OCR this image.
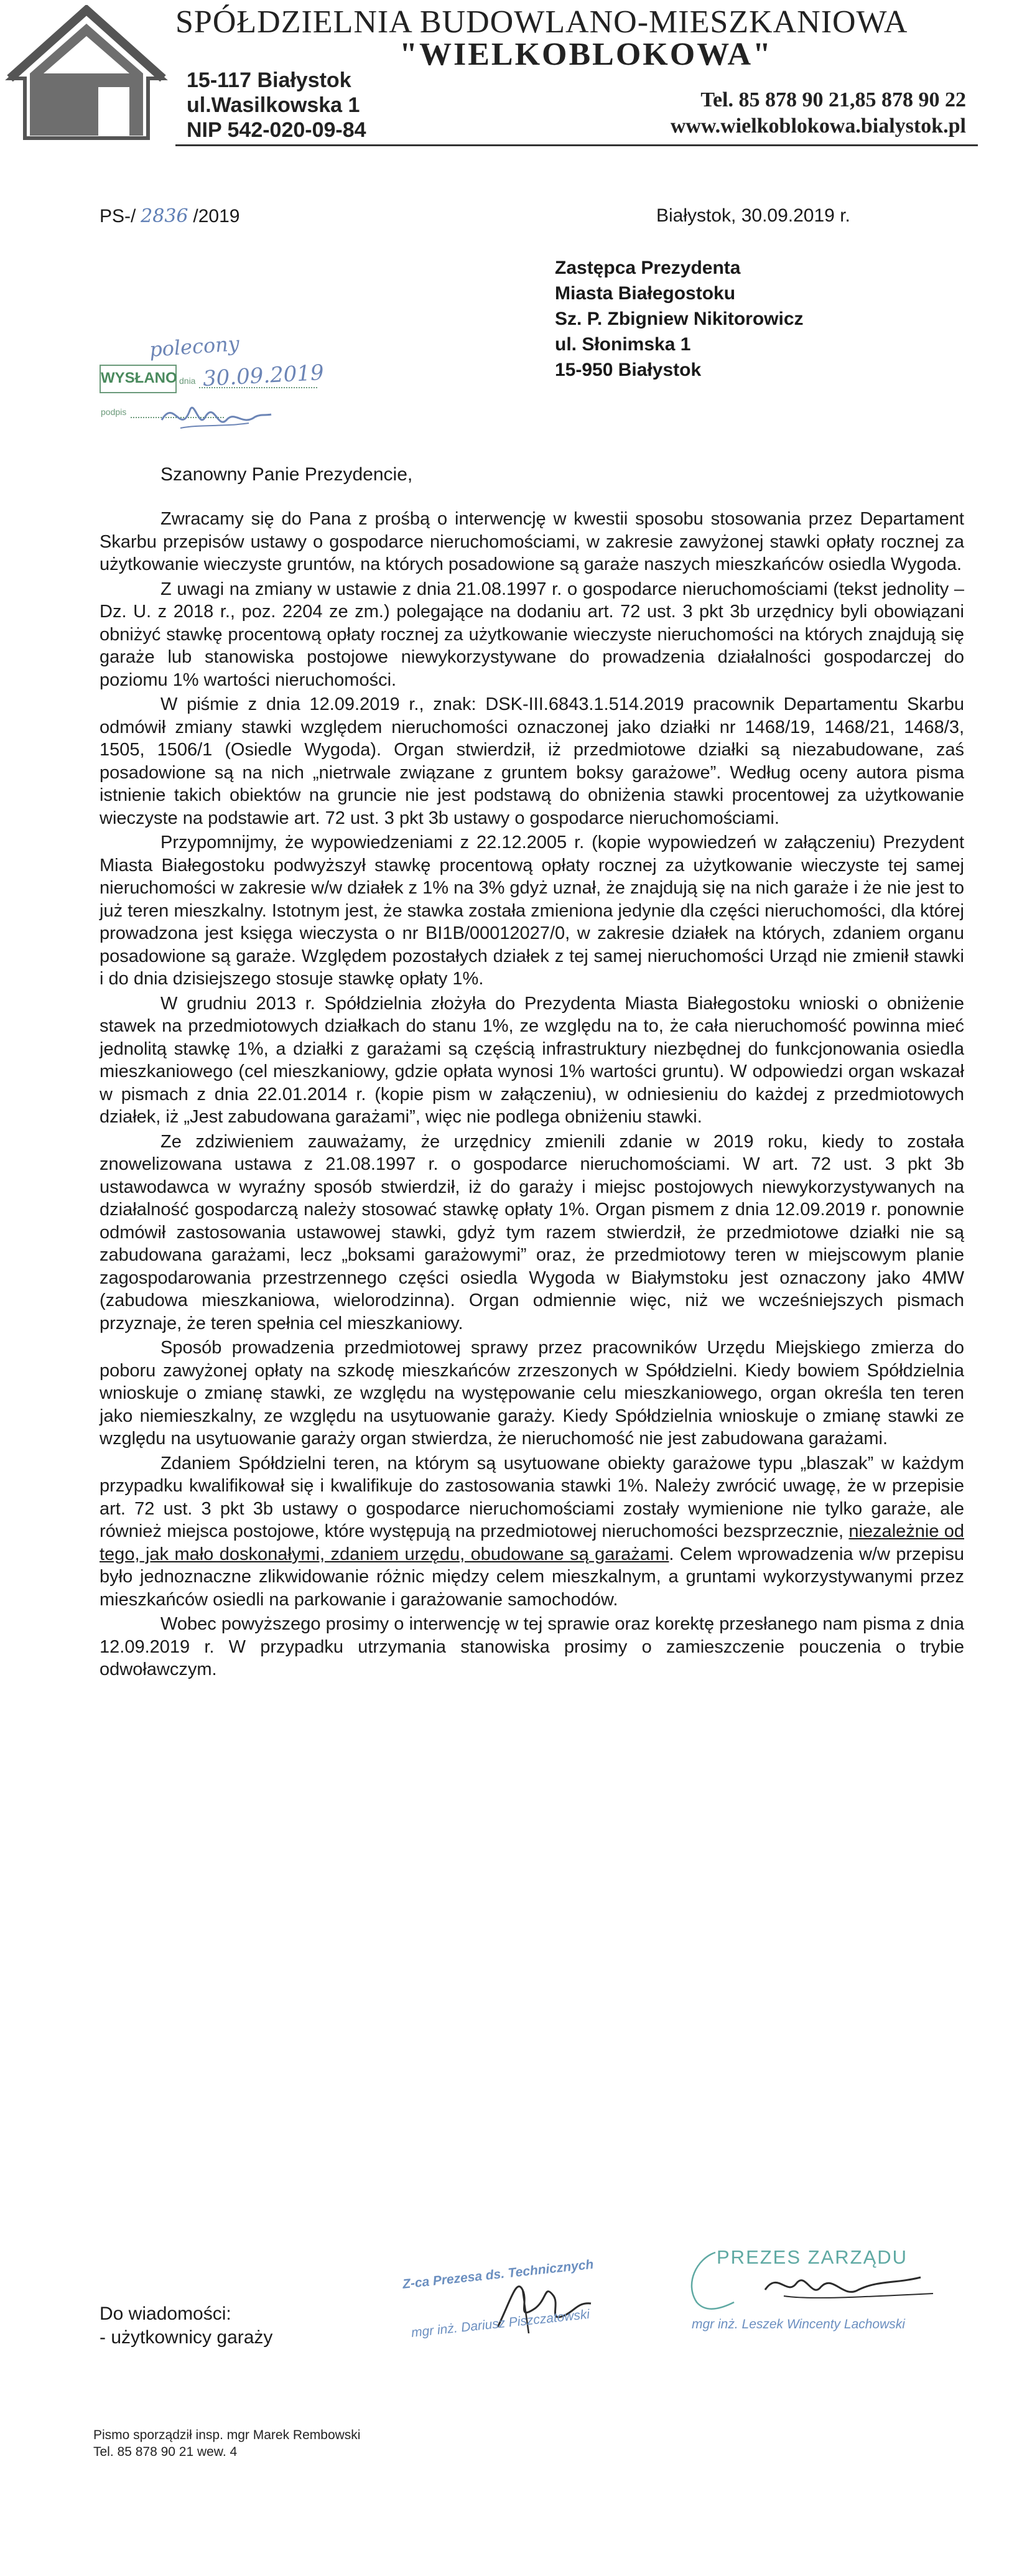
SPÓŁDZIELNIA BUDOWLANO-MIESZKANIOWA
"WIELKOBLOKOWA"
15-117 Białystok
ul.Wasilkowska 1
NIP 542-020-09-84
Tel. 85 878 90 21,85 878 90 22
www.wielkoblokowa.bialystok.pl
PS-/ 2836 /2019	Białystok, 30.09.2019 r.
Zastępca Prezydenta
Miasta Białegostoku
Sz. P. Zbigniew Nikitorowicz
ul. Słonimska 1
15-950 Białystok
polecony
WYSŁANO dnia 30.09.2019
podpis
Szanowny Panie Prezydencie,

Zwracamy się do Pana z prośbą o interwencję w kwestii sposobu stosowania przez Departament Skarbu przepisów ustawy o gospodarce nieruchomościami, w zakresie zawyżonej stawki opłaty rocznej za użytkowanie wieczyste gruntów, na których posadowione są garaże naszych mieszkańców osiedla Wygoda.

Z uwagi na zmiany w ustawie z dnia 21.08.1997 r. o gospodarce nieruchomościami (tekst jednolity – Dz. U. z 2018 r., poz. 2204 ze zm.) polegające na dodaniu art. 72 ust. 3 pkt 3b urzędnicy byli obowiązani obniżyć stawkę procentową opłaty rocznej za użytkowanie wieczyste nieruchomości na których znajdują się garaże lub stanowiska postojowe niewykorzystywane do prowadzenia działalności gospodarczej do poziomu 1% wartości nieruchomości.

W piśmie z dnia 12.09.2019 r., znak: DSK-III.6843.1.514.2019 pracownik Departamentu Skarbu odmówił zmiany stawki względem nieruchomości oznaczonej jako działki nr 1468/19, 1468/21, 1468/3, 1505, 1506/1 (Osiedle Wygoda). Organ stwierdził, iż przedmiotowe działki są niezabudowane, zaś posadowione są na nich „nietrwale związane z gruntem boksy garażowe”. Według oceny autora pisma istnienie takich obiektów na gruncie nie jest podstawą do obniżenia stawki procentowej za użytkowanie wieczyste na podstawie art. 72 ust. 3 pkt 3b ustawy o gospodarce nieruchomościami.

Przypomnijmy, że wypowiedzeniami z 22.12.2005 r. (kopie wypowiedzeń w załączeniu) Prezydent Miasta Białegostoku podwyższył stawkę procentową opłaty rocznej za użytkowanie wieczyste tej samej nieruchomości w zakresie w/w działek z 1% na 3% gdyż uznał, że znajdują się na nich garaże i że nie jest to już teren mieszkalny. Istotnym jest, że stawka została zmieniona jedynie dla części nieruchomości, dla której prowadzona jest księga wieczysta o nr BI1B/00012027/0, w zakresie działek na których, zdaniem organu posadowione są garaże. Względem pozostałych działek z tej samej nieruchomości Urząd nie zmienił stawki i do dnia dzisiejszego stosuje stawkę opłaty 1%.

W grudniu 2013 r. Spółdzielnia złożyła do Prezydenta Miasta Białegostoku wnioski o obniżenie stawek na przedmiotowych działkach do stanu 1%, ze względu na to, że cała nieruchomość powinna mieć jednolitą stawkę 1%, a działki z garażami są częścią infrastruktury niezbędnej do funkcjonowania osiedla mieszkaniowego (cel mieszkaniowy, gdzie opłata wynosi 1% wartości gruntu). W odpowiedzi organ wskazał w pismach z dnia 22.01.2014 r. (kopie pism w załączeniu), w odniesieniu do każdej z przedmiotowych działek, iż „Jest zabudowana garażami”, więc nie podlega obniżeniu stawki.

Ze zdziwieniem zauważamy, że urzędnicy zmienili zdanie w 2019 roku, kiedy to została znowelizowana ustawa z 21.08.1997 r. o gospodarce nieruchomościami. W art. 72 ust. 3 pkt 3b ustawodawca w wyraźny sposób stwierdził, iż do garaży i miejsc postojowych niewykorzystywanych na działalność gospodarczą należy stosować stawkę opłaty 1%. Organ pismem z dnia 12.09.2019 r. ponownie odmówił zastosowania ustawowej stawki, gdyż tym razem stwierdził, że przedmiotowe działki nie są zabudowana garażami, lecz „boksami garażowymi” oraz, że przedmiotowy teren w miejscowym planie zagospodarowania przestrzennego części osiedla Wygoda w Białymstoku jest oznaczony jako 4MW (zabudowa mieszkaniowa, wielorodzinna). Organ odmiennie więc, niż we wcześniejszych pismach przyznaje, że teren spełnia cel mieszkaniowy.

Sposób prowadzenia przedmiotowej sprawy przez pracowników Urzędu Miejskiego zmierza do poboru zawyżonej opłaty na szkodę mieszkańców zrzeszonych w Spółdzielni. Kiedy bowiem Spółdzielnia wnioskuje o zmianę stawki, ze względu na występowanie celu mieszkaniowego, organ określa ten teren jako niemieszkalny, ze względu na usytuowanie garaży. Kiedy Spółdzielnia wnioskuje o zmianę stawki ze względu na usytuowanie garaży organ stwierdza, że nieruchomość nie jest zabudowana garażami.

Zdaniem Spółdzielni teren, na którym są usytuowane obiekty garażowe typu „blaszak” w każdym przypadku kwalifikował się i kwalifikuje do zastosowania stawki 1%. Należy zwrócić uwagę, że w przepisie art. 72 ust. 3 pkt 3b ustawy o gospodarce nieruchomościami zostały wymienione nie tylko garaże, ale również miejsca postojowe, które występują na przedmiotowej nieruchomości bezsprzecznie, niezależnie od tego, jak mało doskonałymi, zdaniem urzędu, obudowane są garażami. Celem wprowadzenia w/w przepisu było jednoznaczne zlikwidowanie różnic między celem mieszkalnym, a gruntami wykorzystywanymi przez mieszkańców osiedli na parkowanie i garażowanie samochodów.

Wobec powyższego prosimy o interwencję w tej sprawie oraz korektę przesłanego nam pisma z dnia 12.09.2019 r. W przypadku utrzymania stanowiska prosimy o zamieszczenie pouczenia o trybie odwoławczym.

Do wiadomości:
- użytkownicy garaży
Z-ca Prezesa ds. Technicznych
mgr inż. Dariusz Piszczatowski
PREZES ZARZĄDU
mgr inż. Leszek Wincenty Lachowski
Pismo sporządził insp. mgr Marek Rembowski
Tel. 85 878 90 21 wew. 4
